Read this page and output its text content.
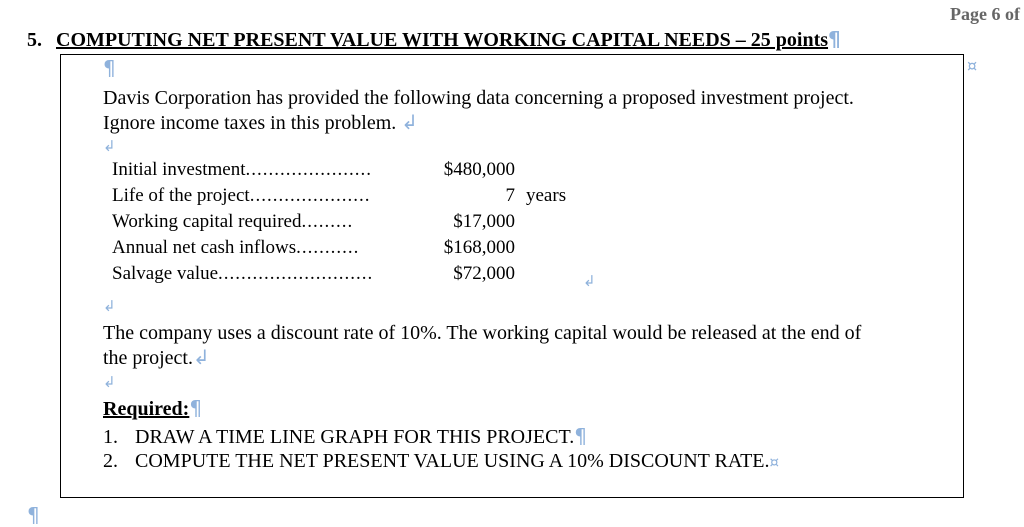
Page 6 of
5. COMPUTING NET PRESENT VALUE WITH WORKING CAPITAL NEEDS – 25 points¶
¤
¶
Davis Corporation has provided the following data concerning a proposed investment project.
Ignore income taxes in this problem. ↲
↲
Initial investment......................	$480,000
Life of the project.....................	7 years
Working capital required.........	$17,000
Annual net cash inflows...........	$168,000
Salvage value...........................	$72,000	↲
↲
The company uses a discount rate of 10%. The working capital would be released at the end of
the project.↲
↲
Required:¶
1. DRAW A TIME LINE GRAPH FOR THIS PROJECT.¶
2. COMPUTE THE NET PRESENT VALUE USING A 10% DISCOUNT RATE.¤
¶
